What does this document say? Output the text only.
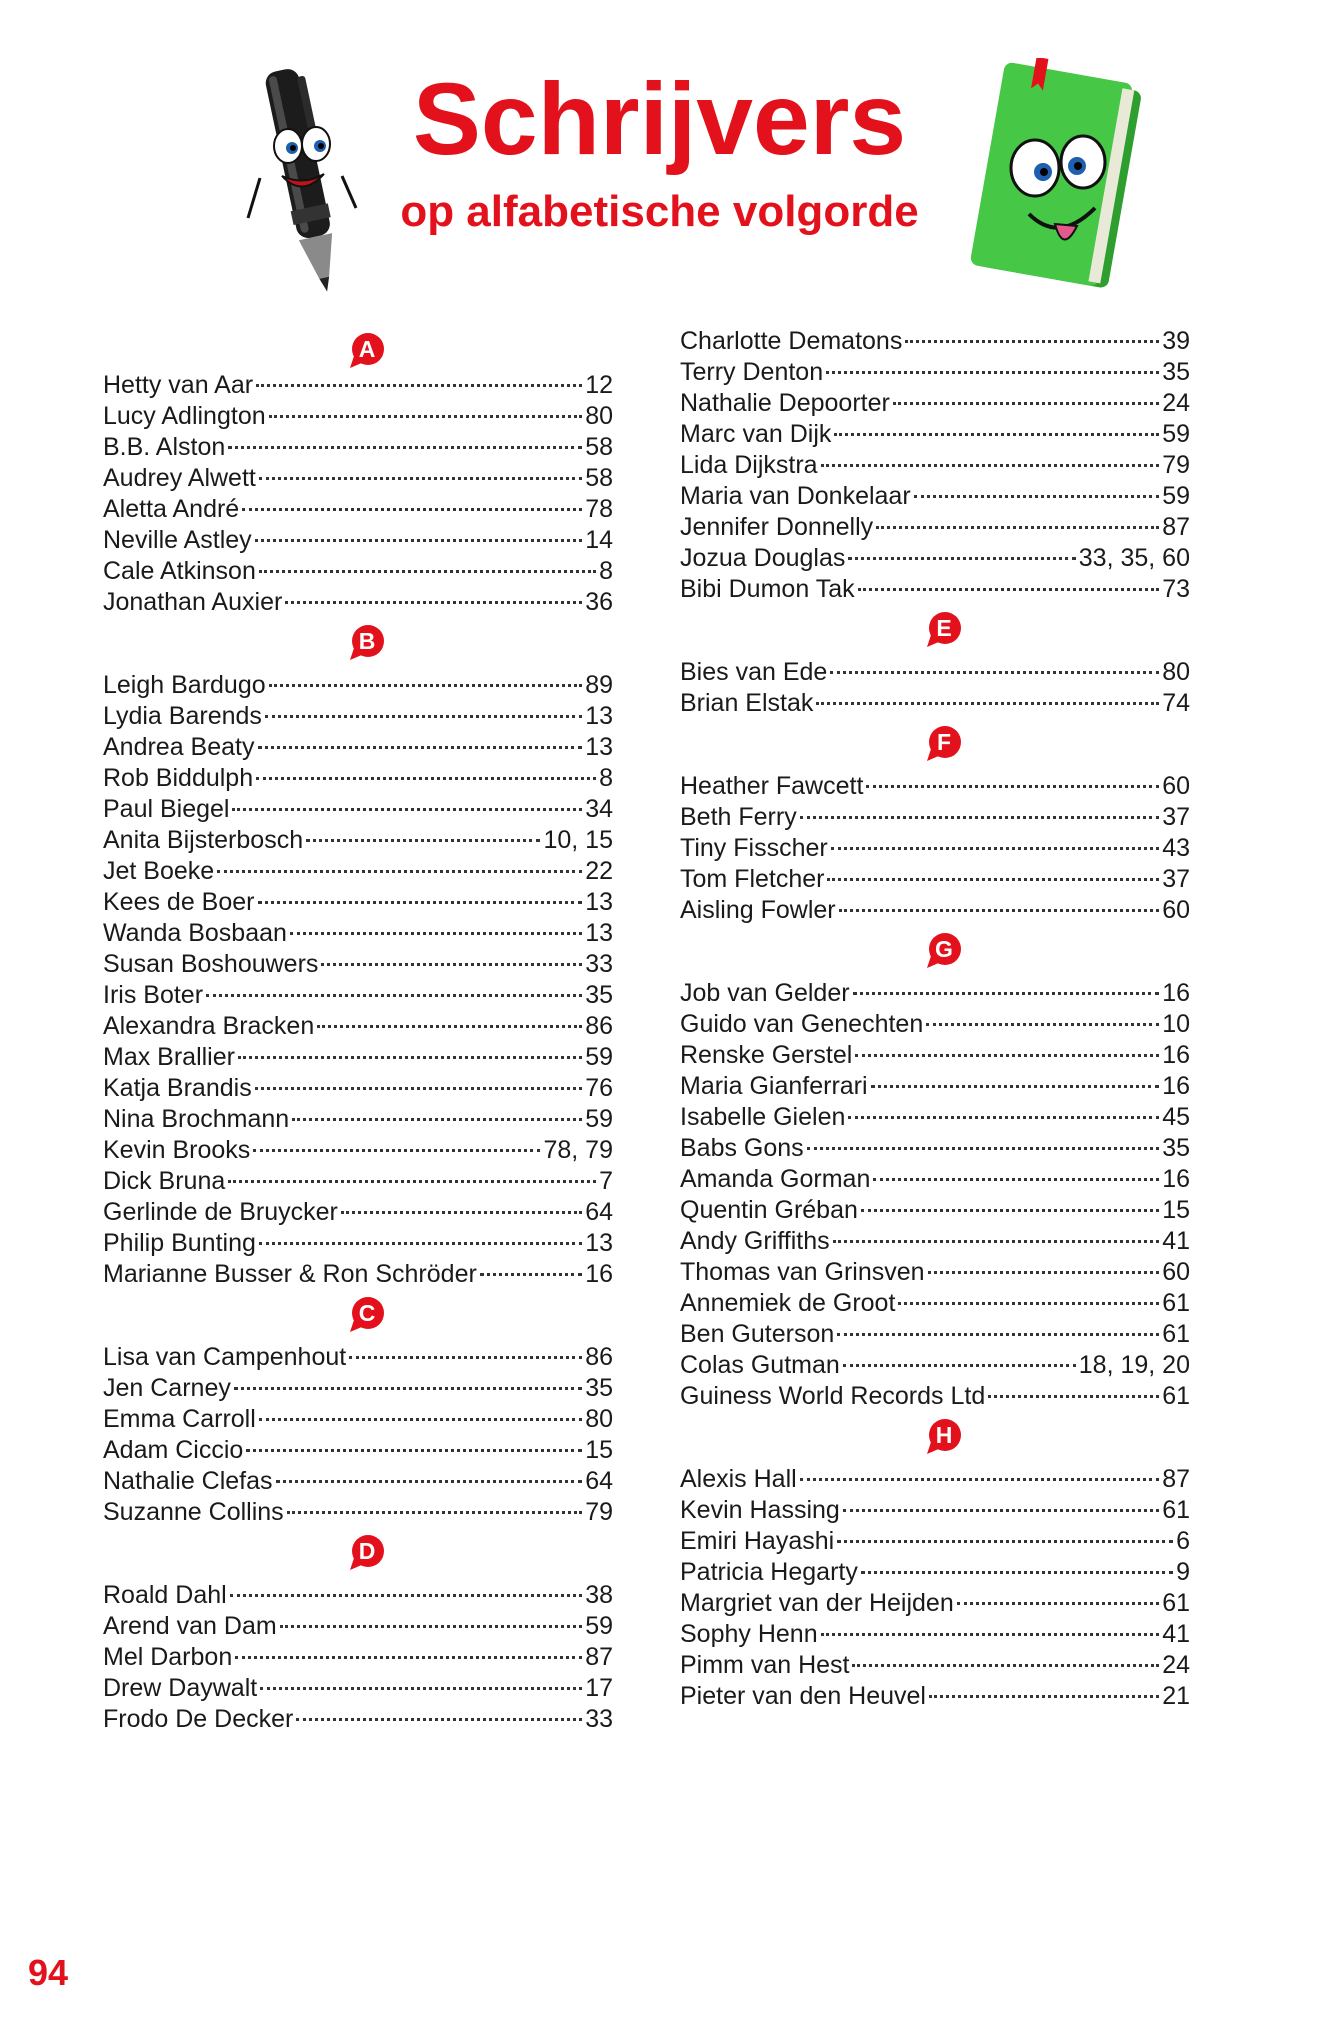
Schrijvers
op alfabetische volgorde
A
Hetty van Aar	12
Lucy Adlington	80
B.B. Alston	58
Audrey Alwett	58
Aletta André	78
Neville Astley	14
Cale Atkinson	8
Jonathan Auxier	36
B
Leigh Bardugo	89
Lydia Barends	13
Andrea Beaty	13
Rob Biddulph	8
Paul Biegel	34
Anita Bijsterbosch	10, 15
Jet Boeke	22
Kees de Boer	13
Wanda Bosbaan	13
Susan Boshouwers	33
Iris Boter	35
Alexandra Bracken	86
Max Brallier	59
Katja Brandis	76
Nina Brochmann	59
Kevin Brooks	78, 79
Dick Bruna	7
Gerlinde de Bruycker	64
Philip Bunting	13
Marianne Busser & Ron Schröder	16
C
Lisa van Campenhout	86
Jen Carney	35
Emma Carroll	80
Adam Ciccio	15
Nathalie Clefas	64
Suzanne Collins	79
D
Roald Dahl	38
Arend van Dam	59
Mel Darbon	87
Drew Daywalt	17
Frodo De Decker	33
Charlotte Dematons	39
Terry Denton	35
Nathalie Depoorter	24
Marc van Dijk	59
Lida Dijkstra	79
Maria van Donkelaar	59
Jennifer Donnelly	87
Jozua Douglas	33, 35, 60
Bibi Dumon Tak	73
E
Bies van Ede	80
Brian Elstak	74
F
Heather Fawcett	60
Beth Ferry	37
Tiny Fisscher	43
Tom Fletcher	37
Aisling Fowler	60
G
Job van Gelder	16
Guido van Genechten	10
Renske Gerstel	16
Maria Gianferrari	16
Isabelle Gielen	45
Babs Gons	35
Amanda Gorman	16
Quentin Gréban	15
Andy Griffiths	41
Thomas van Grinsven	60
Annemiek de Groot	61
Ben Guterson	61
Colas Gutman	18, 19, 20
Guiness World Records Ltd	61
H
Alexis Hall	87
Kevin Hassing	61
Emiri Hayashi	6
Patricia Hegarty	9
Margriet van der Heijden	61
Sophy Henn	41
Pimm van Hest	24
Pieter van den Heuvel	21
94
